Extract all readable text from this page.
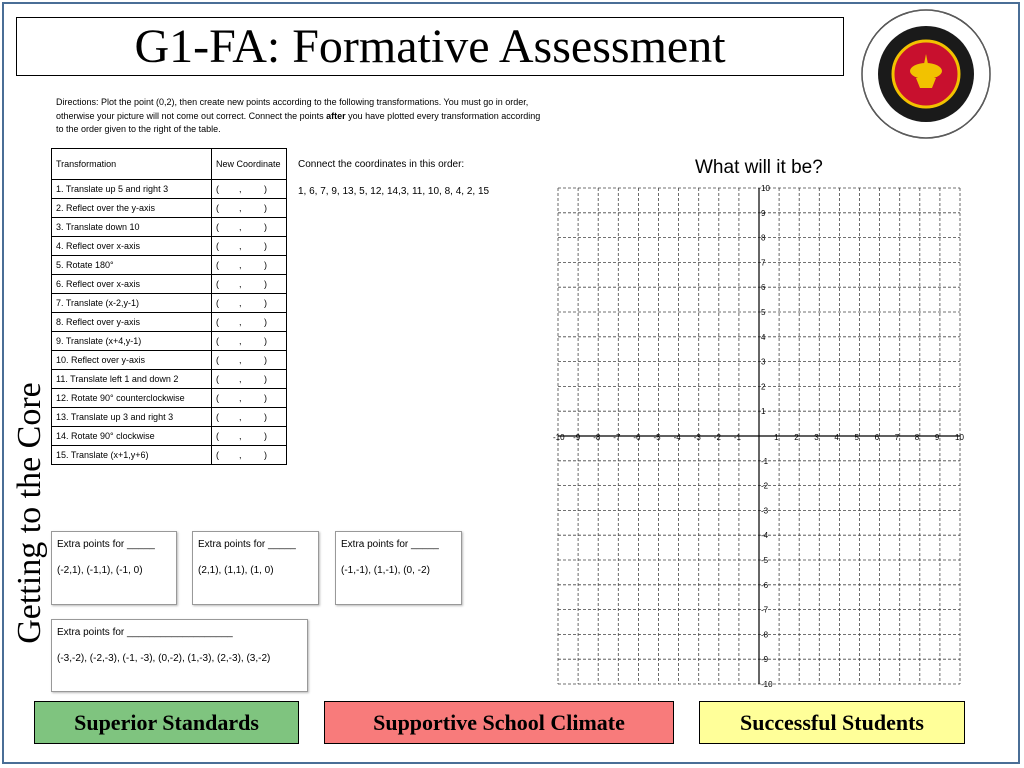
G1-FA: Formative Assessment
Getting to the Core
Directions: Plot the point (0,2), then create new points according to the following transformations. You must go in order, otherwise your picture will not come out correct. Connect the points after you have plotted every transformation according to the order given to the right of the table.
Transformation	New Coordinate
1. Translate up 5 and right 3	(        ,         )
2. Reflect over the y-axis	(        ,         )
3. Translate down 10	(        ,         )
4. Reflect over x-axis	(        ,         )
5. Rotate 180°	(        ,         )
6. Reflect over x-axis	(        ,         )
7. Translate (x-2,y-1)	(        ,         )
8. Reflect over y-axis	(        ,         )
9. Translate (x+4,y-1)	(        ,         )
10. Reflect over y-axis	(        ,         )
11. Translate left 1 and down 2	(        ,         )
12. Rotate 90° counterclockwise	(        ,         )
13. Translate up 3 and right 3	(        ,         )
14. Rotate 90° clockwise	(        ,         )
15. Translate (x+1,y+6)	(        ,         )
Connect the coordinates in this order:
1, 6, 7, 9, 13, 5, 12, 14,3, 11, 10, 8, 4, 2, 15
What will it be?
-10 -9 -8 -7 -6 -5 -4 -3 -2 -1	1 2 3 4 5 6 7 8 9 10
10
9
8
7
6
5
4
3
2
1
-1
-2
-3
-4
-5
-6
-7
-8
-9
-10
Extra points for _____
(-2,1), (-1,1), (-1, 0)
Extra points for _____
(2,1), (1,1), (1, 0)
Extra points for _____
(-1,-1), (1,-1), (0, -2)
Extra points for ___________________
(-3,-2), (-2,-3), (-1, -3), (0,-2), (1,-3), (2,-3), (3,-2)
Superior Standards	Supportive School Climate	Successful Students
